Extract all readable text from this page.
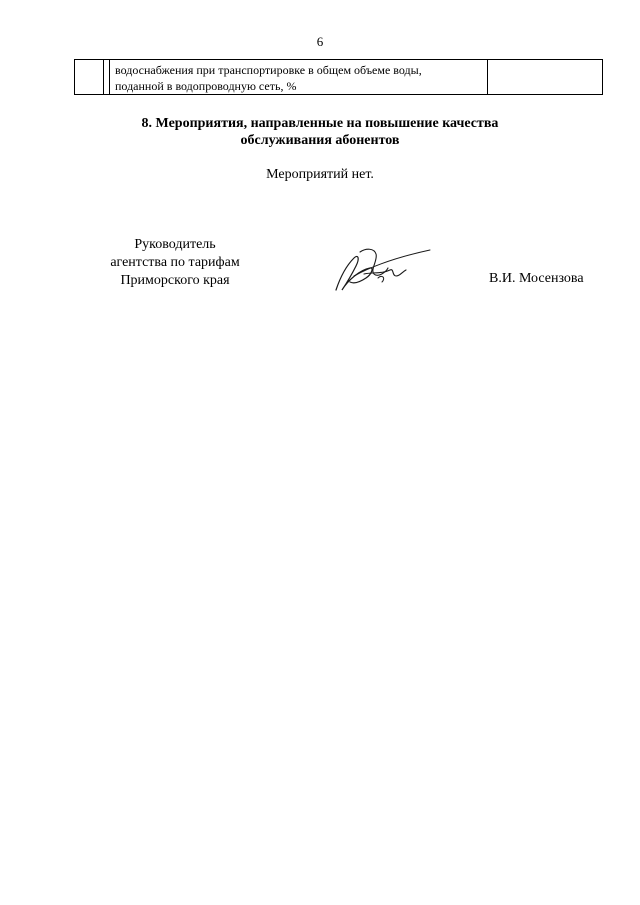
6

водоснабжения при транспортировке в общем объеме воды,
поданной в водопроводную сеть, %

8. Мероприятия, направленные на повышение качества
обслуживания абонентов
Мероприятий нет.
Руководитель
агентства по тарифам
Приморского края	В.И. Мосензова
